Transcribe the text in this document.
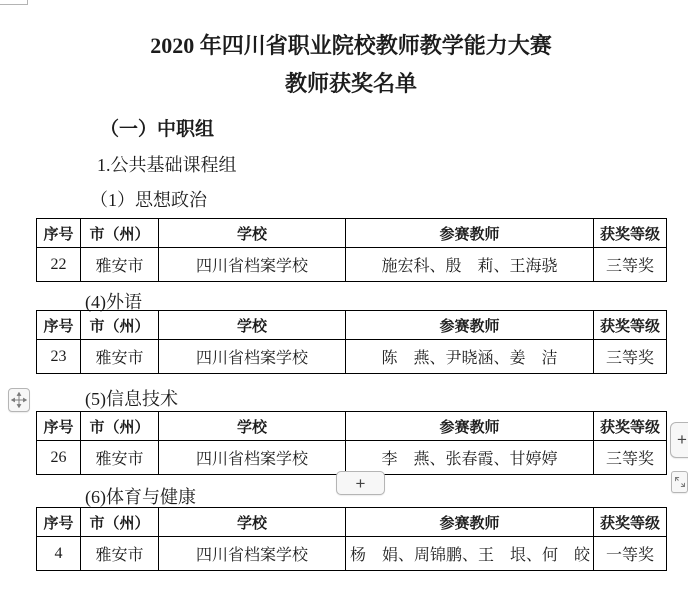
2020 年四川省职业院校教师教学能力大赛
教师获奖名单
（一）中职组
1.公共基础课程组
（1）思想政治
序号	市（州）	学校	参赛教师	获奖等级
22	雅安市	四川省档案学校	施宏科、殷　莉、王海骁	三等奖
(4)外语
序号	市（州）	学校	参赛教师	获奖等级
23	雅安市	四川省档案学校	陈　燕、尹晓涵、姜　洁	三等奖
(5)信息技术
序号	市（州）	学校	参赛教师	获奖等级
26	雅安市	四川省档案学校	李　燕、张春霞、甘婷婷	三等奖
(6)体育与健康
序号	市（州）	学校	参赛教师	获奖等级
4	雅安市	四川省档案学校	杨　娟、周锦鹏、王　垠、何　皎	一等奖
+
+
